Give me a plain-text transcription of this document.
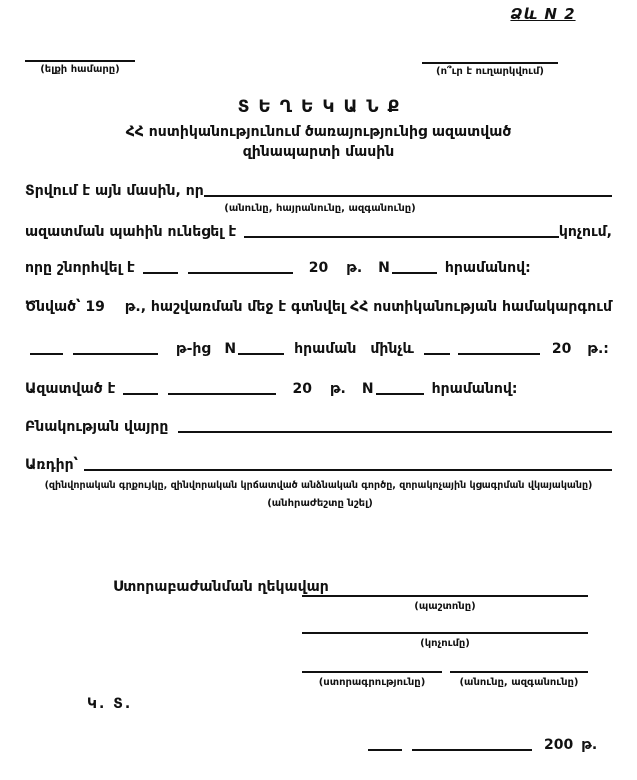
Ձև N 2
(ելքի համարը)	(ո՞ւր է ուղարկվում)
ՏԵՂԵԿԱՆՔ
ՀՀ ոստիկանությունում ծառայությունից ազատված
զինապարտի մասին
Տրվում է այն մասին, որ
(անունը, հայրանունը, ազգանունը)
ազատման պահին ունեցել է	կոչում,
որը շնորհվել է	20 թ. N	հրամանով:
Ծնված՝ 19 թ., հաշվառման մեջ է գտնվել ՀՀ ոստիկանության համակարգում
թ-ից N	հրաման մինչև	20 թ.:
Ազատված է	20 թ. N	հրամանով:
Բնակության վայրը
Առդիր՝
(զինվորական գրքույկը, զինվորական կրճատված անձնական գործը, զորակոչային կցագրման վկայականը)
(անհրաժեշտը նշել)
Ստորաբաժանման ղեկավար
(պաշտոնը)
(կոչումը)
(ստորագրությունը)	(անունը, ազգանունը)
Կ. Տ.
200 թ.
